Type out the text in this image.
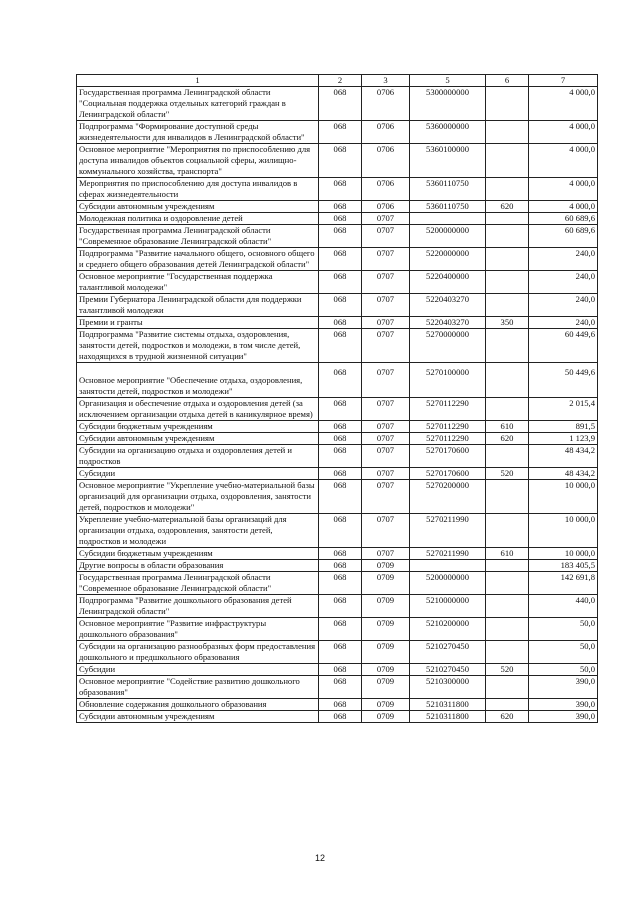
1	2	3	5	6	7
Государственная программа Ленинградской области "Социальная поддержка отдельных категорий граждан в Ленинградской области"	068	0706	5300000000		4 000,0
Подпрограмма "Формирование доступной среды жизнедеятельности для инвалидов в Ленинградской области"	068	0706	5360000000		4 000,0
Основное мероприятие "Мероприятия по приспособлению для доступа инвалидов объектов социальной сферы, жилищно-коммунального хозяйства, транспорта"	068	0706	5360100000		4 000,0
Мероприятия по приспособлению для доступа инвалидов в сферах жизнедеятельности	068	0706	5360110750		4 000,0
Субсидии автономным учреждениям	068	0706	5360110750	620	4 000,0
Молодежная политика и оздоровление детей	068	0707			60 689,6
Государственная программа Ленинградской области "Современное образование Ленинградской области"	068	0707	5200000000		60 689,6
Подпрограмма "Развитие начального общего, основного общего и среднего общего образования детей Ленинградской области"	068	0707	5220000000		240,0
Основное мероприятие "Государственная поддержка талантливой молодежи"	068	0707	5220400000		240,0
Премии Губернатора Ленинградской области для поддержки талантливой молодежи	068	0707	5220403270		240,0
Премии и гранты	068	0707	5220403270	350	240,0
Подпрограмма "Развитие системы отдыха, оздоровления, занятости детей, подростков и молодежи, в том числе детей, находящихся в трудной жизненной ситуации"	068	0707	5270000000		60 449,6
Основное мероприятие "Обеспечение отдыха, оздоровления, занятости детей, подростков и молодежи"	068	0707	5270100000		50 449,6
Организация и обеспечение отдыха и оздоровления детей (за исключением организации отдыха детей в каникулярное время)	068	0707	5270112290		2 015,4
Субсидии бюджетным учреждениям	068	0707	5270112290	610	891,5
Субсидии автономным учреждениям	068	0707	5270112290	620	1 123,9
Субсидии на организацию отдыха и оздоровления детей и подростков	068	0707	5270170600		48 434,2
Субсидии	068	0707	5270170600	520	48 434,2
Основное мероприятие "Укрепление учебно-материальной базы организаций для организации отдыха, оздоровления, занятости детей, подростков и молодежи"	068	0707	5270200000		10 000,0
Укрепление учебно-материальной базы организаций для организации отдыха, оздоровления, занятости детей, подростков и молодежи	068	0707	5270211990		10 000,0
Субсидии бюджетным учреждениям	068	0707	5270211990	610	10 000,0
Другие вопросы в области образования	068	0709			183 405,5
Государственная программа Ленинградской области "Современное образование Ленинградской области"	068	0709	5200000000		142 691,8
Подпрограмма "Развитие дошкольного образования детей Ленинградской области"	068	0709	5210000000		440,0
Основное мероприятие "Развитие инфраструктуры дошкольного образования"	068	0709	5210200000		50,0
Субсидии на организацию разнообразных форм предоставления дошкольного и предшкольного образования	068	0709	5210270450		50,0
Субсидии	068	0709	5210270450	520	50,0
Основное мероприятие "Содействие развитию дошкольного образования"	068	0709	5210300000		390,0
Обновление содержания дошкольного образования	068	0709	5210311800		390,0
Субсидии автономным учреждениям	068	0709	5210311800	620	390,0
12
